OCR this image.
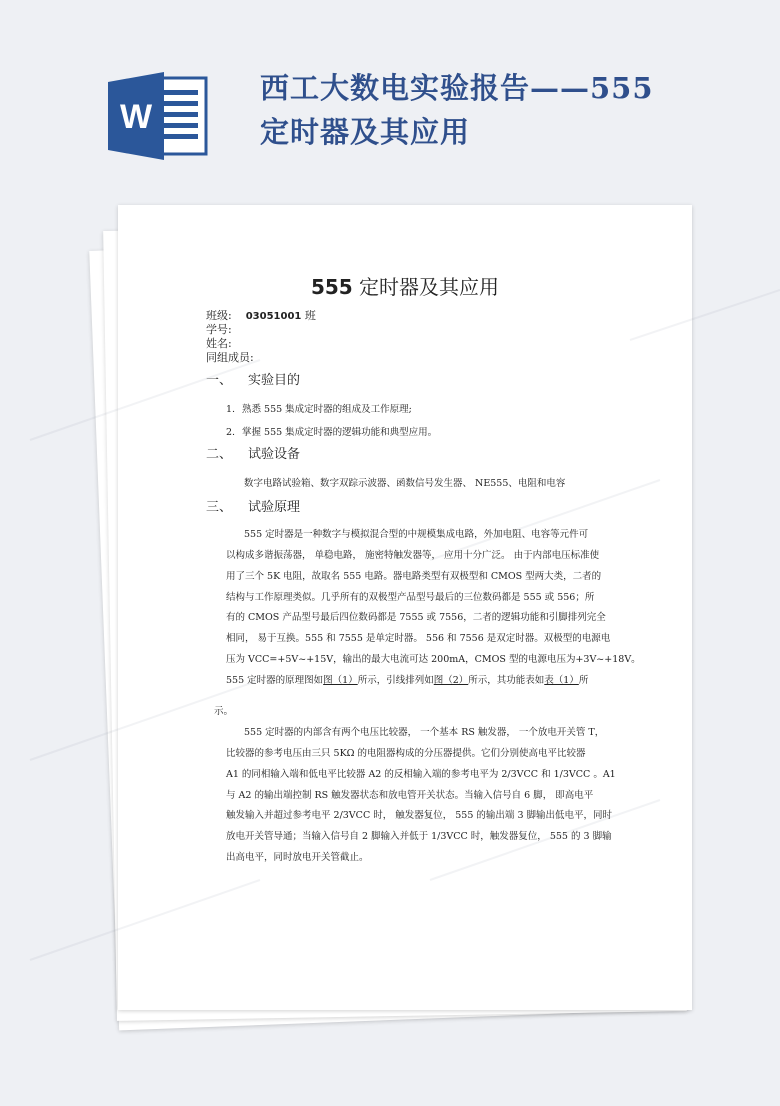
W
西工大数电实验报告——555定时器及其应用
555 定时器及其应用
班级: 03051001 班
学号:
姓名:
同组成员:
一、 实验目的
1. 熟悉 555 集成定时器的组成及工作原理;
2. 掌握 555 集成定时器的逻辑功能和典型应用。
二、 试验设备
数字电路试验箱、数字双踪示波器、函数信号发生器、 NE555、电阻和电容
三、 试验原理
555 定时器是一种数字与模拟混合型的中规模集成电路，外加电阻、电容等元件可
以构成多谐振荡器， 单稳电路， 施密特触发器等， 应用十分广泛。 由于内部电压标准使
用了三个 5K 电阻，故取名 555 电路。器电路类型有双极型和 CMOS 型两大类，二者的
结构与工作原理类似。几乎所有的双极型产品型号最后的三位数码都是 555 或 556；所
有的 CMOS 产品型号最后四位数码都是 7555 或 7556，二者的逻辑功能和引脚排列完全
相同， 易于互换。555 和 7555 是单定时器。 556 和 7556 是双定时器。双极型的电源电
压为 VCC=+5V~+15V，输出的最大电流可达 200mA，CMOS 型的电源电压为+3V~+18V。
555 定时器的原理图如图（1）所示，引线排列如图（2）所示，其功能表如表（1）所
示。
555 定时器的内部含有两个电压比较器， 一个基本 RS 触发器， 一个放电开关管 T，
比较器的参考电压由三只 5KΩ 的电阻器构成的分压器提供。它们分别使高电平比较器
A1 的同相输入端和低电平比较器 A2 的反相输入端的参考电平为 2/3VCC 和 1/3VCC 。A1
与 A2 的输出端控制 RS 触发器状态和放电管开关状态。当输入信号自 6 脚， 即高电平
触发输入并超过参考电平 2/3VCC 时， 触发器复位， 555 的输出端 3 脚输出低电平，同时
放电开关管导通；当输入信号自 2 脚输入并低于 1/3VCC 时，触发器复位， 555 的 3 脚输
出高电平，同时放电开关管截止。
